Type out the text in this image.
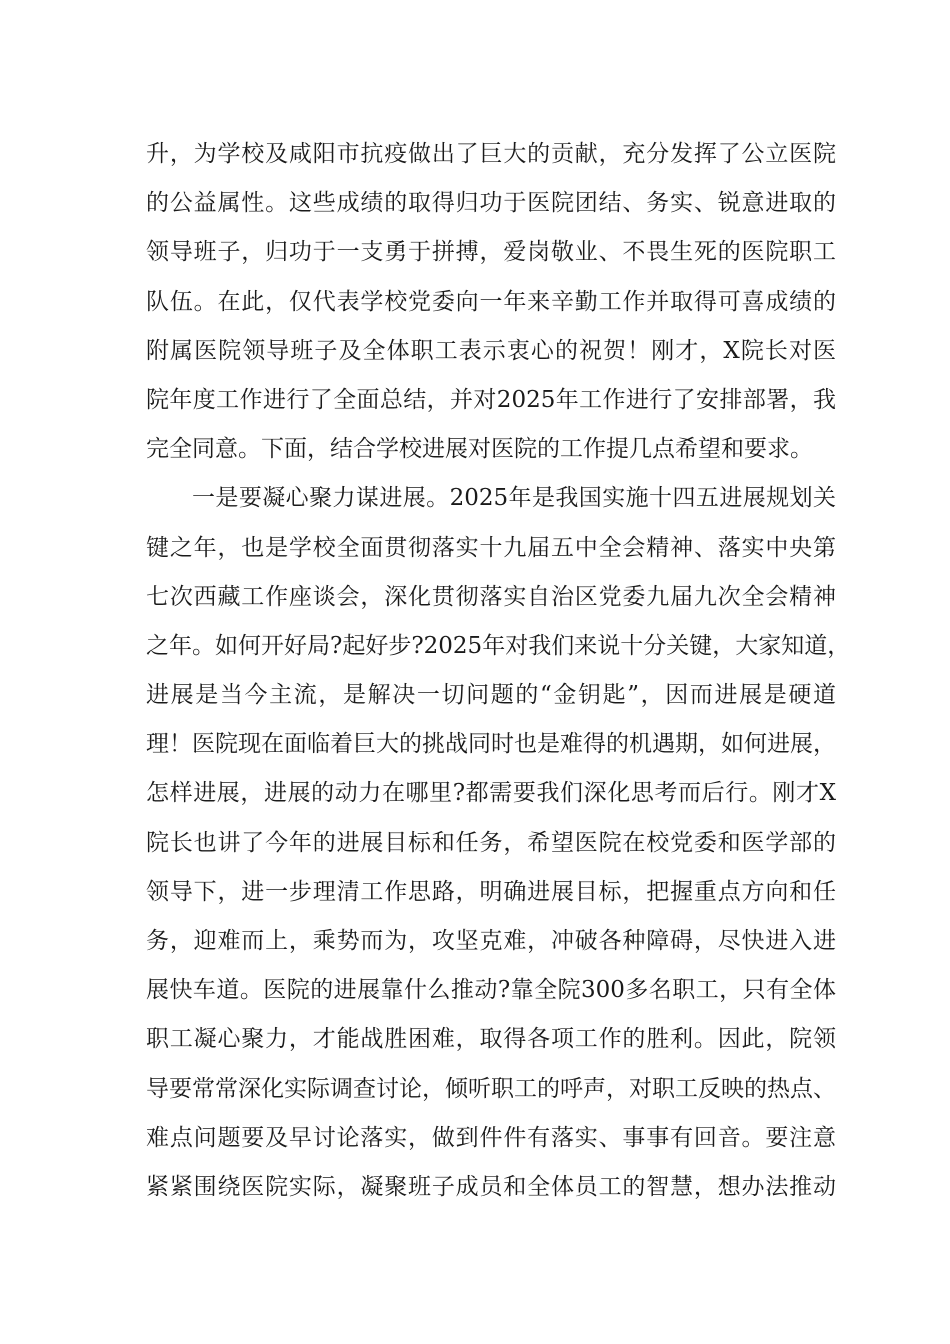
升，为学校及咸阳市抗疫做出了巨大的贡献，充分发挥了公立医院
的公益属性。这些成绩的取得归功于医院团结、务实、锐意进取的
领导班子，归功于一支勇于拼搏，爱岗敬业、不畏生死的医院职工
队伍。在此，仅代表学校党委向一年来辛勤工作并取得可喜成绩的
附属医院领导班子及全体职工表示衷心的祝贺！刚才，X院长对医
院年度工作进行了全面总结，并对2025年工作进行了安排部署，我
完全同意。下面，结合学校进展对医院的工作提几点希望和要求。
一是要凝心聚力谋进展。2025年是我国实施十四五进展规划关
键之年，也是学校全面贯彻落实十九届五中全会精神、落实中央第
七次西藏工作座谈会，深化贯彻落实自治区党委九届九次全会精神
之年。如何开好局?起好步?2025年对我们来说十分关键，大家知道，
进展是当今主流，是解决一切问题的“金钥匙”，因而进展是硬道
理！医院现在面临着巨大的挑战同时也是难得的机遇期，如何进展，
怎样进展，进展的动力在哪里?都需要我们深化思考而后行。刚才X
院长也讲了今年的进展目标和任务，希望医院在校党委和医学部的
领导下，进一步理清工作思路，明确进展目标，把握重点方向和任
务，迎难而上，乘势而为，攻坚克难，冲破各种障碍，尽快进入进
展快车道。医院的进展靠什么推动?靠全院300多名职工，只有全体
职工凝心聚力，才能战胜困难，取得各项工作的胜利。因此，院领
导要常常深化实际调查讨论，倾听职工的呼声，对职工反映的热点、
难点问题要及早讨论落实，做到件件有落实、事事有回音。要注意
紧紧围绕医院实际，凝聚班子成员和全体员工的智慧，想办法推动
